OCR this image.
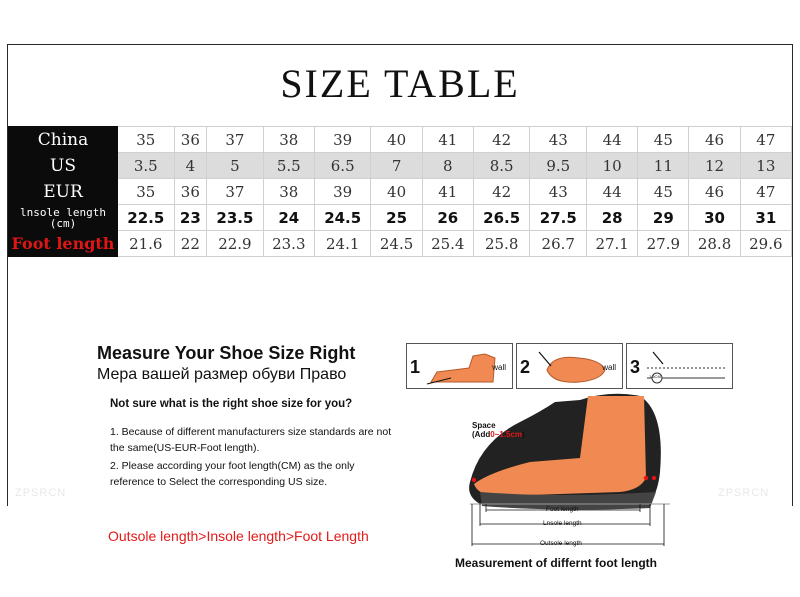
SIZE TABLE
China	35	36	37	38	39	40	41	42	43	44	45	46	47
US	3.5	4	5	5.5	6.5	7	8	8.5	9.5	10	11	12	13
EUR	35	36	37	38	39	40	41	42	43	44	45	46	47

lnsole length
(cm)	22.5	23	23.5	24	24.5	25	26	26.5	27.5	28	29	30	31
Foot length	21.6	22	22.9	23.3	24.1	24.5	25.4	25.8	26.7	27.1	27.9	28.8	29.6
ZPSRCN	ZPSRCN
Measure Your Shoe Size Right
Мера вашей размер обуви Право
Not sure what is the right shoe size for you?
1. Because of different manufacturers size standards are not the same(US-EUR-Foot length).
2. Please according your foot length(CM) as the only reference to Select the corresponding US size.
Outsole length>Insole length>Foot Length
1	wall 2	wall 3 1.5CM
Space
(Add0~1.5cm)
Foot length
Lnsole length
Outsole length
Measurement of differnt foot length
